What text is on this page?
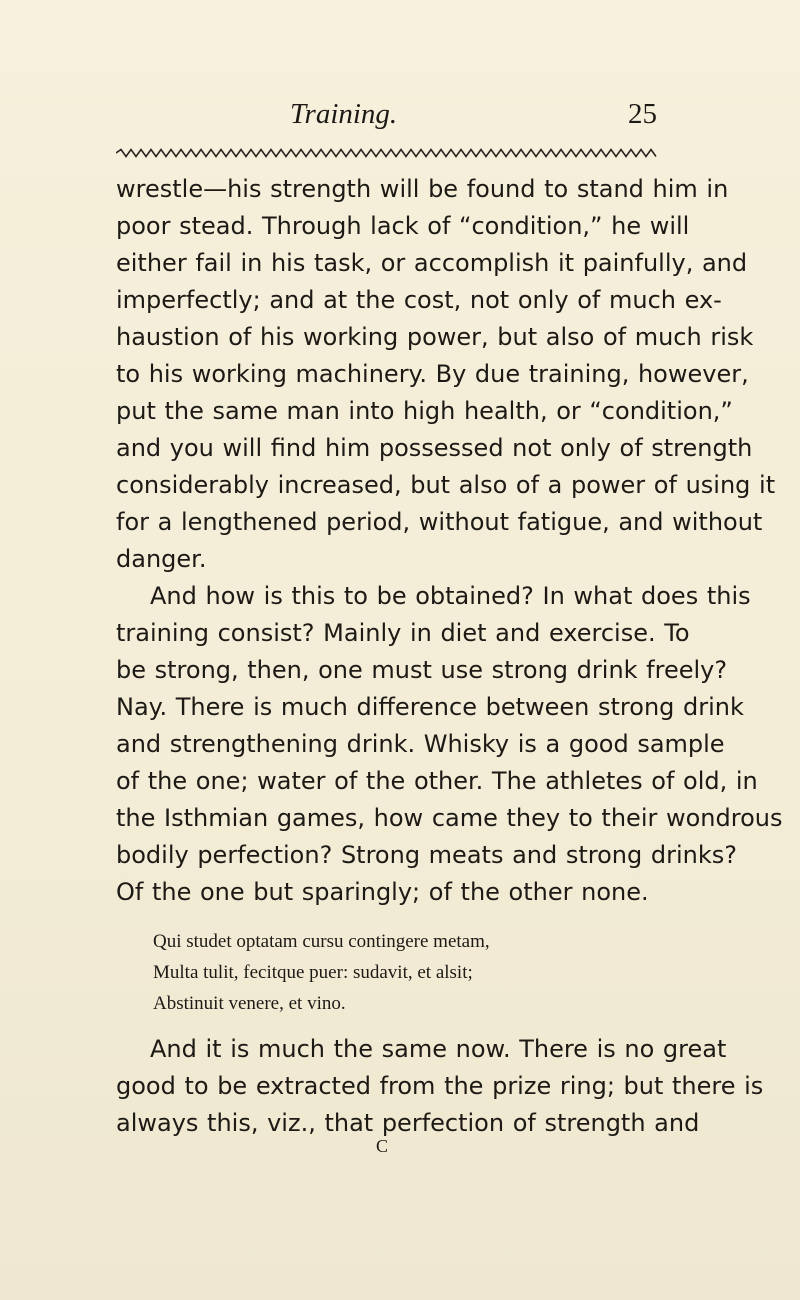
Training.	25
wrestle—his strength will be found to stand him in
poor stead. Through lack of “condition,” he will
either fail in his task, or accomplish it painfully, and
imperfectly; and at the cost, not only of much ex-
haustion of his working power, but also of much risk
to his working machinery. By due training, however,
put the same man into high health, or “condition,”
and you will find him possessed not only of strength
considerably increased, but also of a power of using it
for a lengthened period, without fatigue, and without
danger.
And how is this to be obtained? In what does this
training consist? Mainly in diet and exercise. To
be strong, then, one must use strong drink freely?
Nay. There is much difference between strong drink
and strengthening drink. Whisky is a good sample
of the one; water of the other. The athletes of old, in
the Isthmian games, how came they to their wondrous
bodily perfection? Strong meats and strong drinks?
Of the one but sparingly; of the other none.
Qui studet optatam cursu contingere metam,
Multa tulit, fecitque puer: sudavit, et alsit;
Abstinuit venere, et vino.
And it is much the same now. There is no great
good to be extracted from the prize ring; but there is
always this, viz., that perfection of strength and
C
